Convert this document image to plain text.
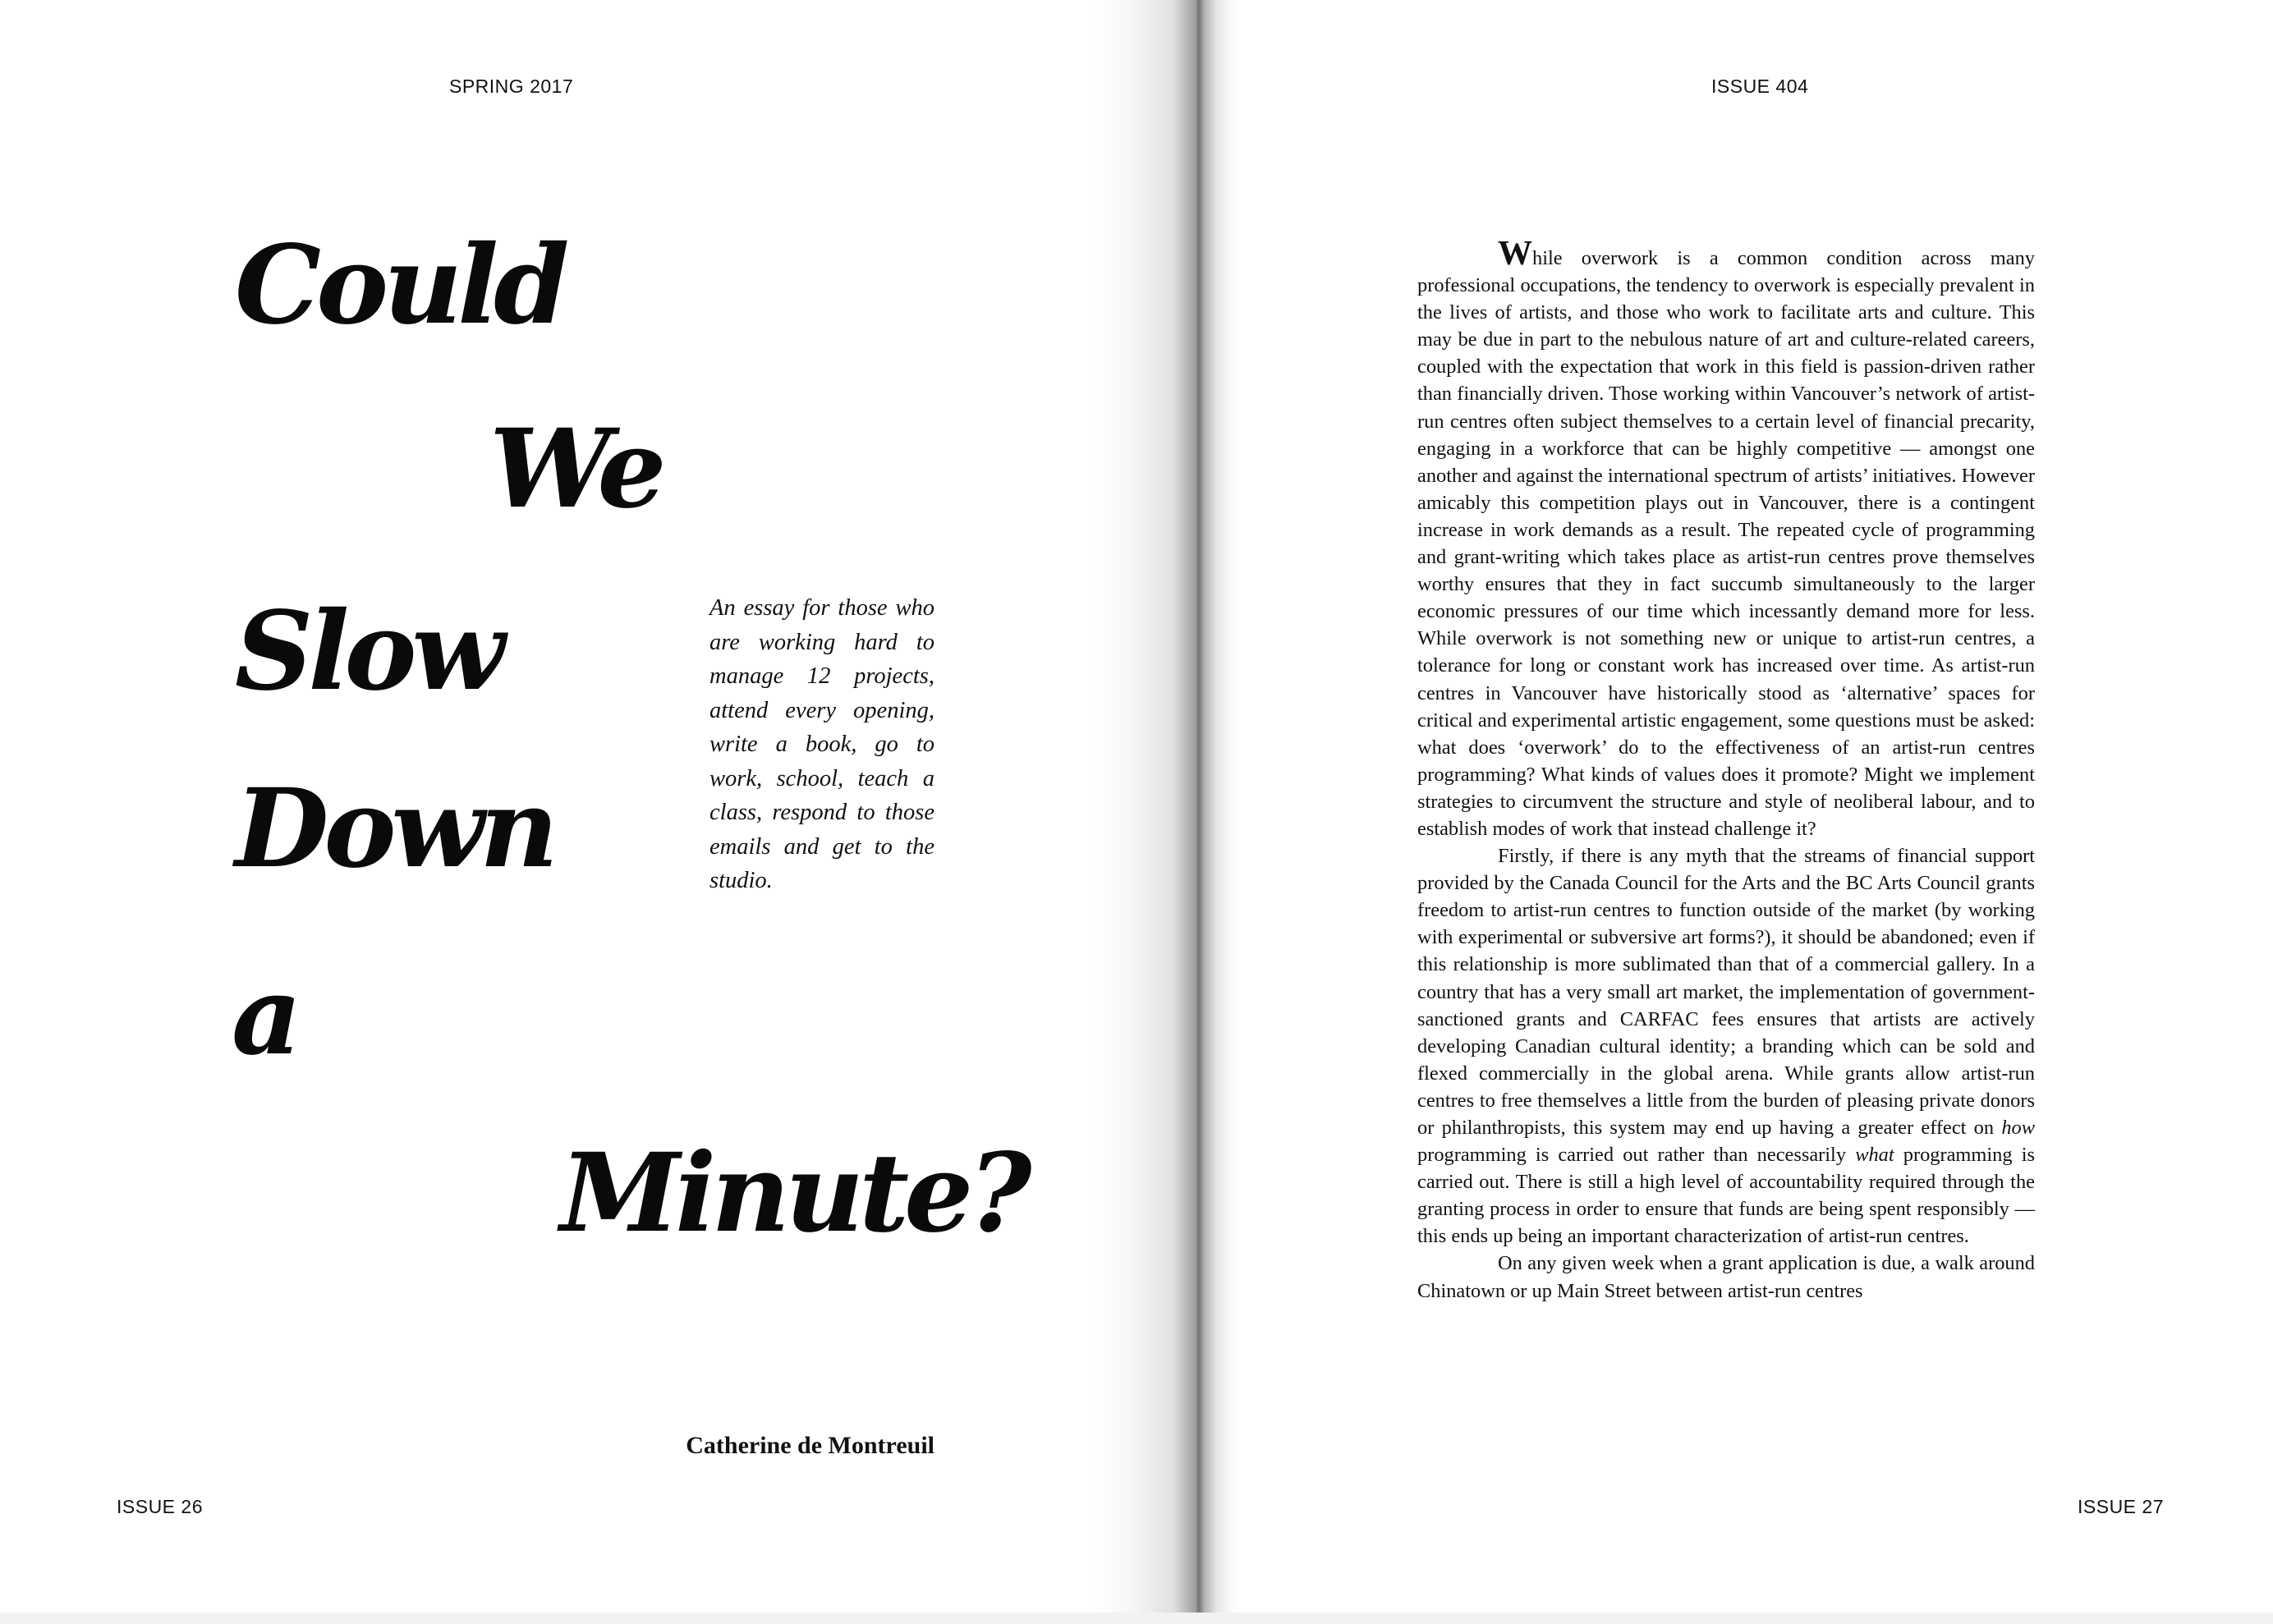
SPRING 2017
Could
We
Slow
Down
a
Minute?
An essay for those who are working hard to manage 12 projects, attend every opening, write a book, go to work, school, teach a class, respond to those emails and get to the studio.
Catherine de Montreuil
ISSUE 26
ISSUE 404

While overwork is a common condition across many professional occupations, the tendency to overwork is especially prevalent in the lives of artists, and those who work to facilitate arts and culture. This may be due in part to the nebulous nature of art and culture-related careers, coupled with the expectation that work in this field is passion-driven rather than financially driven. Those working within Vancouver’s network of artist-run centres often subject themselves to a certain level of financial precarity, engaging in a workforce that can be highly competitive — amongst one another and against the international spectrum of artists’ initiatives. However amicably this competition plays out in Vancouver, there is a contingent increase in work demands as a result. The repeated cycle of programming and grant-writing which takes place as artist-run centres prove themselves worthy ensures that they in fact succumb simultaneously to the larger economic pressures of our time which incessantly demand more for less. While overwork is not something new or unique to artist-run centres, a tolerance for long or constant work has increased over time. As artist-run centres in Vancouver have historically stood as ‘alternative’ spaces for critical and experimental artistic engagement, some questions must be asked: what does ‘overwork’ do to the effectiveness of an artist-run centres programming? What kinds of values does it promote? Might we implement strategies to circumvent the structure and style of neoliberal labour, and to establish modes of work that instead challenge it?

Firstly, if there is any myth that the streams of financial support provided by the Canada Council for the Arts and the BC Arts Council grants freedom to artist-run centres to function outside of the market (by working with experimental or subversive art forms?), it should be abandoned; even if this relationship is more sublimated than that of a commercial gallery. In a country that has a very small art market, the implementation of government-sanctioned grants and CARFAC fees ensures that artists are actively developing Canadian cultural identity; a branding which can be sold and flexed commercially in the global arena. While grants allow artist-run centres to free themselves a little from the burden of pleasing private donors or philanthropists, this system may end up having a greater effect on how programming is carried out rather than necessarily what programming is carried out. There is still a high level of accountability required through the granting process in order to ensure that funds are being spent responsibly — this ends up being an important characterization of artist-run centres.

On any given week when a grant application is due, a walk around Chinatown or up Main Street between artist-run centres

ISSUE 27
